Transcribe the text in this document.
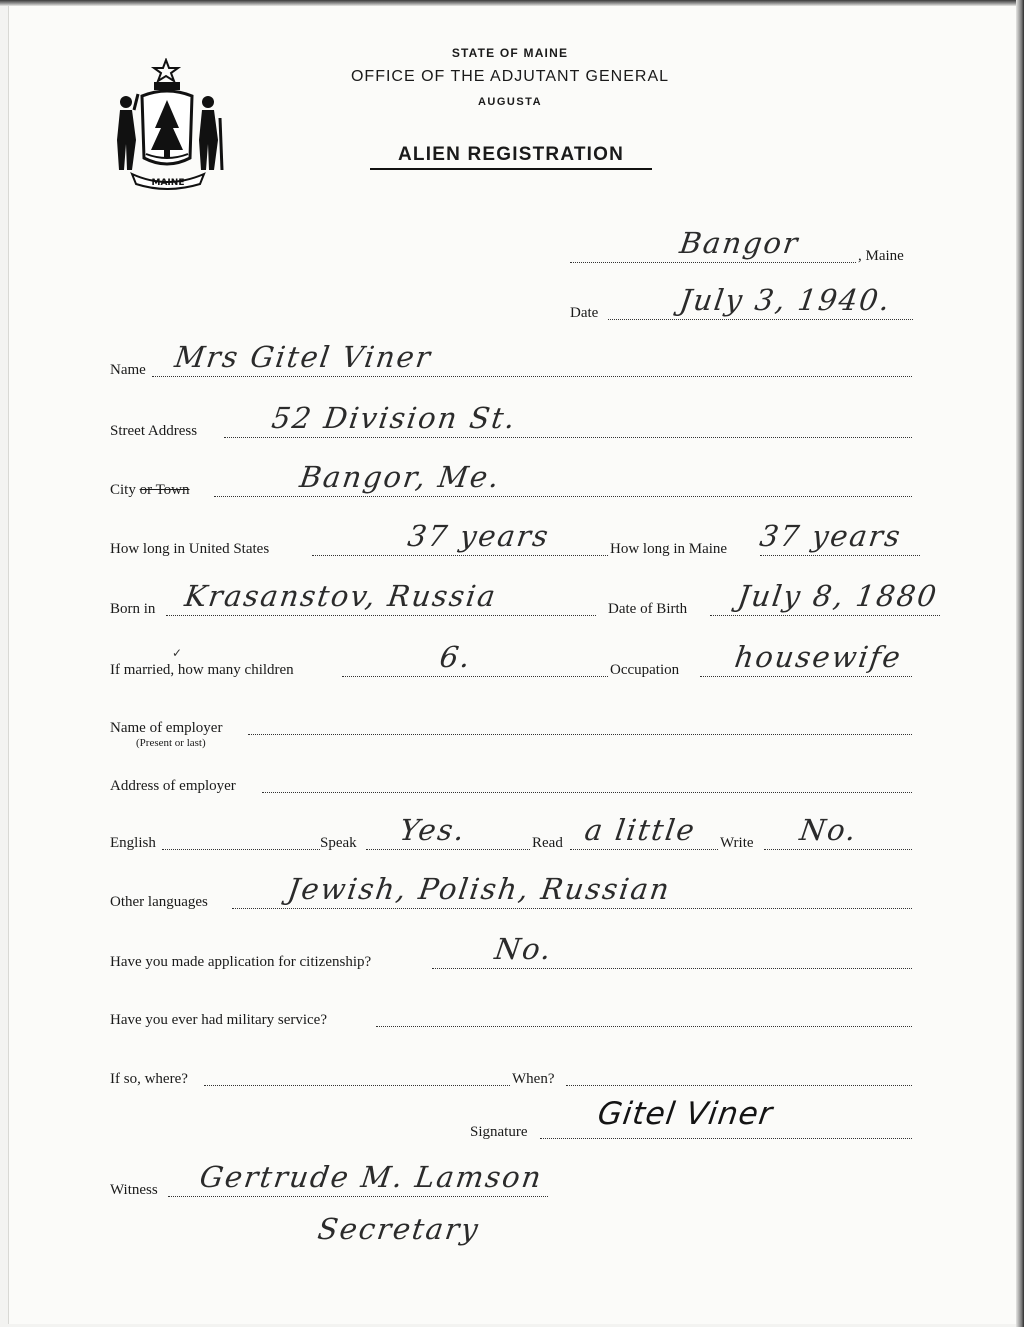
MAINE
STATE OF MAINE
OFFICE OF THE ADJUTANT GENERAL
AUGUSTA
ALIEN REGISTRATION
Bangor	, Maine
Date	July 3, 1940.
Name Mrs Gitel Viner
Street Address	52 Division St.
City or Town	Bangor, Me.
How long in United States	37 years	How long in Maine 37 years
Born in Krasanstov, Russia	Date of Birth July 8, 1880
✓
If married, how many children	6.	Occupation housewife
Name of employer
(Present or last)
Address of employer
English	Speak Yes.	Read a little Write No.
Other languages	Jewish, Polish, Russian
Have you made application for citizenship?	No.
Have you ever had military service?
If so, where?	When?
Signature Gitel Viner
Witness Gertrude M. Lamson
Secretary
